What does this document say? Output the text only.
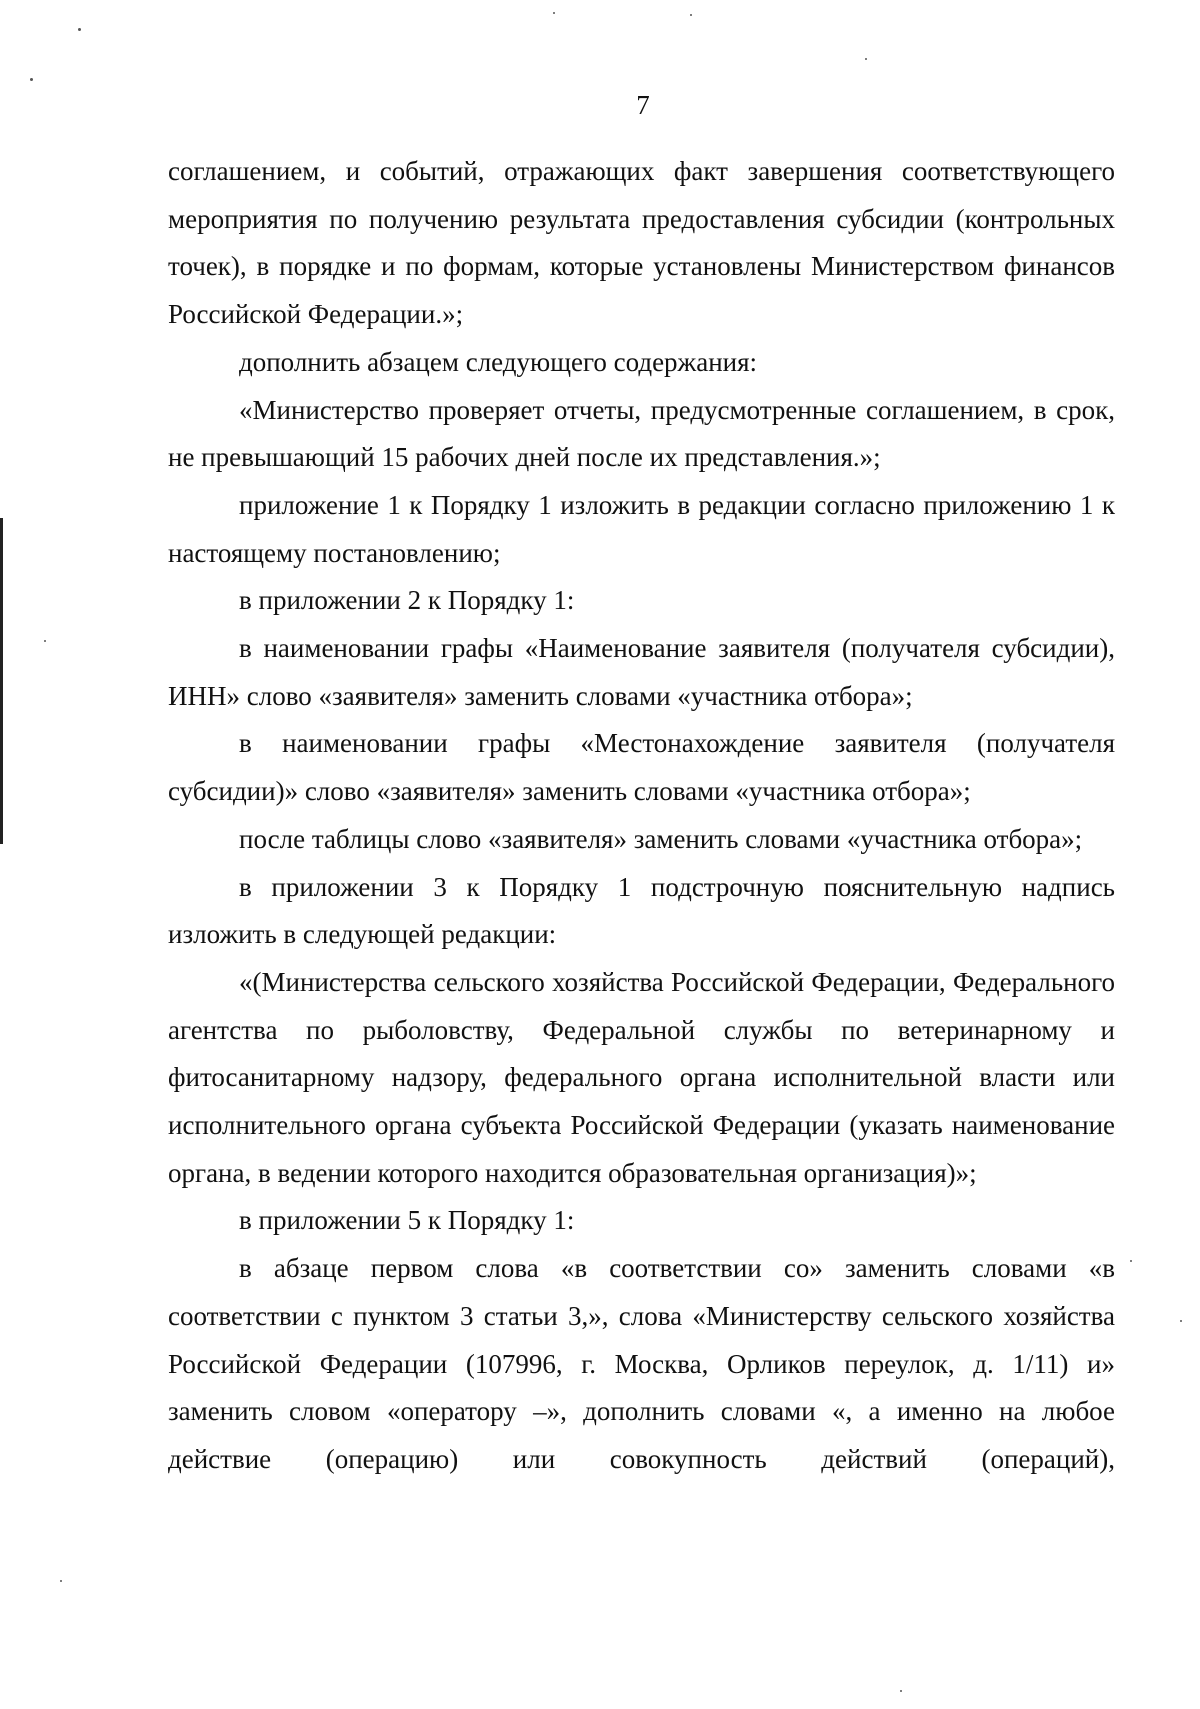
7

соглашением, и событий, отражающих факт завершения соответствующего мероприятия по получению результата предоставления субсидии (контрольных точек), в порядке и по формам, которые установлены Министерством финансов Российской Федерации.»;

дополнить абзацем следующего содержания:

«Министерство проверяет отчеты, предусмотренные соглашением, в срок, не превышающий 15 рабочих дней после их представления.»;

приложение 1 к Порядку 1 изложить в редакции согласно приложению 1 к настоящему постановлению;

в приложении 2 к Порядку 1:

в наименовании графы «Наименование заявителя (получателя субсидии), ИНН» слово «заявителя» заменить словами «участника отбора»;

в наименовании графы «Местонахождение заявителя (получателя субсидии)» слово «заявителя» заменить словами «участника отбора»;

после таблицы слово «заявителя» заменить словами «участника отбора»;

в приложении 3 к Порядку 1 подстрочную пояснительную надпись изложить в следующей редакции:

«(Министерства сельского хозяйства Российской Федерации, Федерального агентства по рыболовству, Федеральной службы по ветеринарному и фитосанитарному надзору, федерального органа исполнительной власти или исполнительного органа субъекта Российской Федерации (указать наименование органа, в ведении которого находится образовательная организация)»;

в приложении 5 к Порядку 1:

в абзаце первом слова «в соответствии со» заменить словами «в соответствии с пунктом 3 статьи 3,», слова «Министерству сельского хозяйства Российской Федерации (107996, г. Москва, Орликов переулок, д. 1/11) и» заменить словом «оператору –», дополнить словами «, а именно на любое действие (операцию) или совокупность действий (операций),
